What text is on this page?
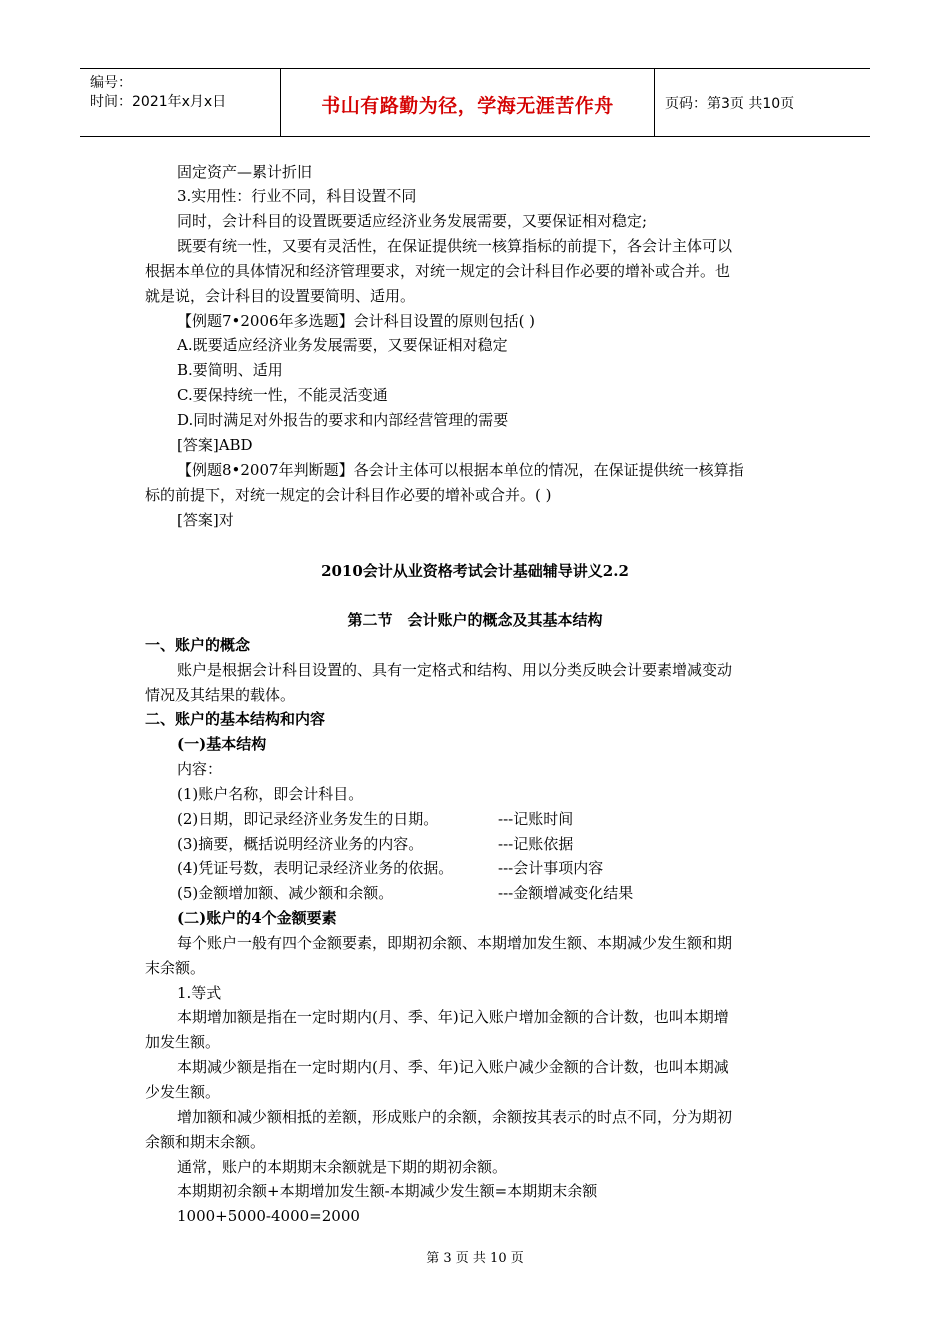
编号：
时间：2021年x月x日	书山有路勤为径，学海无涯苦作舟	页码：第3页 共10页
固定资产—累计折旧
3.实用性：行业不同，科目设置不同
同时，会计科目的设置既要适应经济业务发展需要，又要保证相对稳定;
既要有统一性，又要有灵活性，在保证提供统一核算指标的前提下，各会计主体可以
根据本单位的具体情况和经济管理要求，对统一规定的会计科目作必要的增补或合并。也
就是说，会计科目的设置要简明、适用。
【例题7•2006年多选题】会计科目设置的原则包括( )
A.既要适应经济业务发展需要，又要保证相对稳定
B.要简明、适用
C.要保持统一性，不能灵活变通
D.同时满足对外报告的要求和内部经营管理的需要
[答案]ABD
【例题8•2007年判断题】各会计主体可以根据本单位的情况，在保证提供统一核算指
标的前提下，对统一规定的会计科目作必要的增补或合并。( )
[答案]对
2010会计从业资格考试会计基础辅导讲义2.2
第二节　会计账户的概念及其基本结构
一、账户的概念
账户是根据会计科目设置的、具有一定格式和结构、用以分类反映会计要素增减变动
情况及其结果的载体。
二、账户的基本结构和内容
(一)基本结构
内容：
(1)账户名称，即会计科目。
(2)日期，即记录经济业务发生的日期。	---记账时间
(3)摘要，概括说明经济业务的内容。	---记账依据
(4)凭证号数，表明记录经济业务的依据。	---会计事项内容
(5)金额增加额、减少额和余额。	---金额增减变化结果
(二)账户的4个金额要素
每个账户一般有四个金额要素，即期初余额、本期增加发生额、本期减少发生额和期
末余额。
1.等式
本期增加额是指在一定时期内(月、季、年)记入账户增加金额的合计数，也叫本期增
加发生额。
本期减少额是指在一定时期内(月、季、年)记入账户减少金额的合计数，也叫本期减
少发生额。
增加额和减少额相抵的差额，形成账户的余额，余额按其表示的时点不同，分为期初
余额和期末余额。
通常，账户的本期期末余额就是下期的期初余额。
本期期初余额+本期增加发生额-本期减少发生额=本期期末余额
1000+5000-4000=2000
第 3 页 共 10 页
